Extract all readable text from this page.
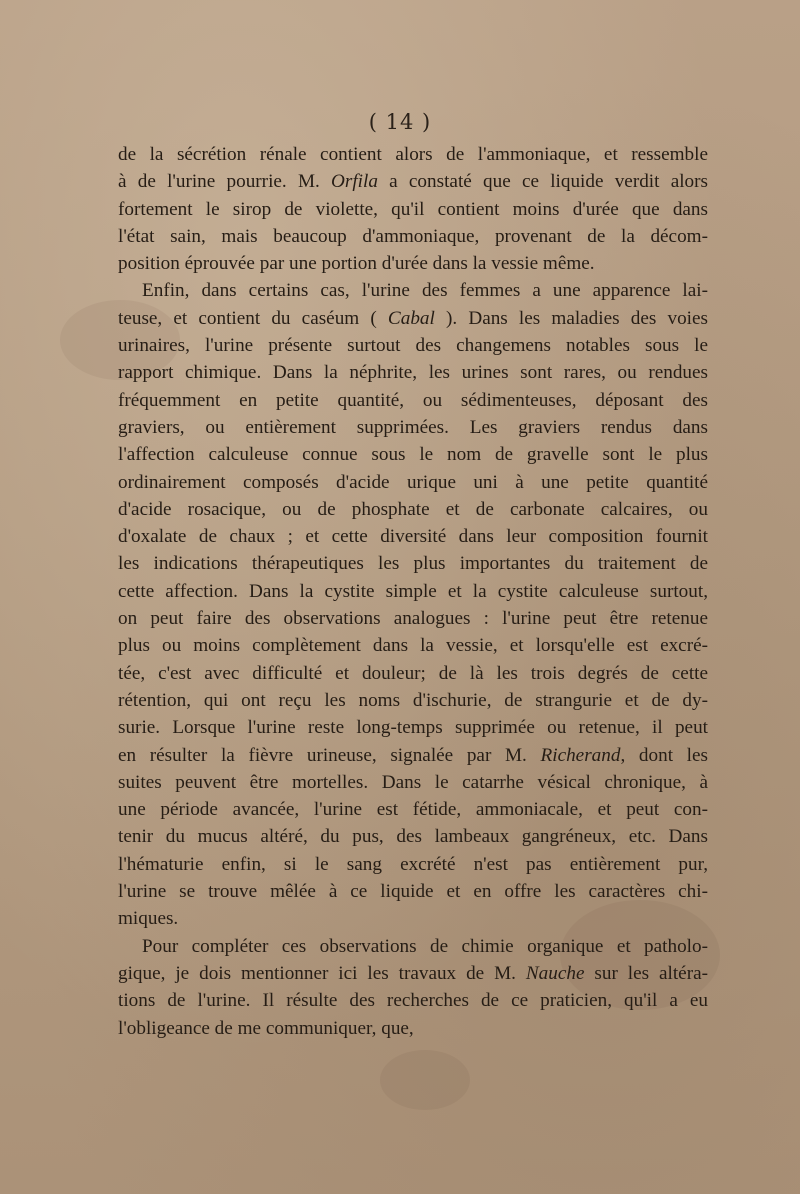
( 14 )
de la sécrétion rénale contient alors de l'ammoniaque, et ressemble
à de l'urine pourrie. M. Orfila a constaté que ce liquide verdit alors
fortement le sirop de violette, qu'il contient moins d'urée que dans
l'état sain, mais beaucoup d'ammoniaque, provenant de la décom-
position éprouvée par une portion d'urée dans la vessie même.
Enfin, dans certains cas, l'urine des femmes a une apparence lai-
teuse, et contient du caséum ( Cabal ). Dans les maladies des voies
urinaires, l'urine présente surtout des changemens notables sous le
rapport chimique. Dans la néphrite, les urines sont rares, ou rendues
fréquemment en petite quantité, ou sédimenteuses, déposant des
graviers, ou entièrement supprimées. Les graviers rendus dans
l'affection calculeuse connue sous le nom de gravelle sont le plus
ordinairement composés d'acide urique uni à une petite quantité
d'acide rosacique, ou de phosphate et de carbonate calcaires, ou
d'oxalate de chaux ; et cette diversité dans leur composition fournit
les indications thérapeutiques les plus importantes du traitement de
cette affection. Dans la cystite simple et la cystite calculeuse surtout,
on peut faire des observations analogues : l'urine peut être retenue
plus ou moins complètement dans la vessie, et lorsqu'elle est excré-
tée, c'est avec difficulté et douleur; de là les trois degrés de cette
rétention, qui ont reçu les noms d'ischurie, de strangurie et de dy-
surie. Lorsque l'urine reste long-temps supprimée ou retenue, il peut
en résulter la fièvre urineuse, signalée par M. Richerand, dont les
suites peuvent être mortelles. Dans le catarrhe vésical chronique, à
une période avancée, l'urine est fétide, ammoniacale, et peut con-
tenir du mucus altéré, du pus, des lambeaux gangréneux, etc. Dans
l'hématurie enfin, si le sang excrété n'est pas entièrement pur,
l'urine se trouve mêlée à ce liquide et en offre les caractères chi-
miques.
Pour compléter ces observations de chimie organique et patholo-
gique, je dois mentionner ici les travaux de M. Nauche sur les altéra-
tions de l'urine. Il résulte des recherches de ce praticien, qu'il a eu
l'obligeance de me communiquer, que,
